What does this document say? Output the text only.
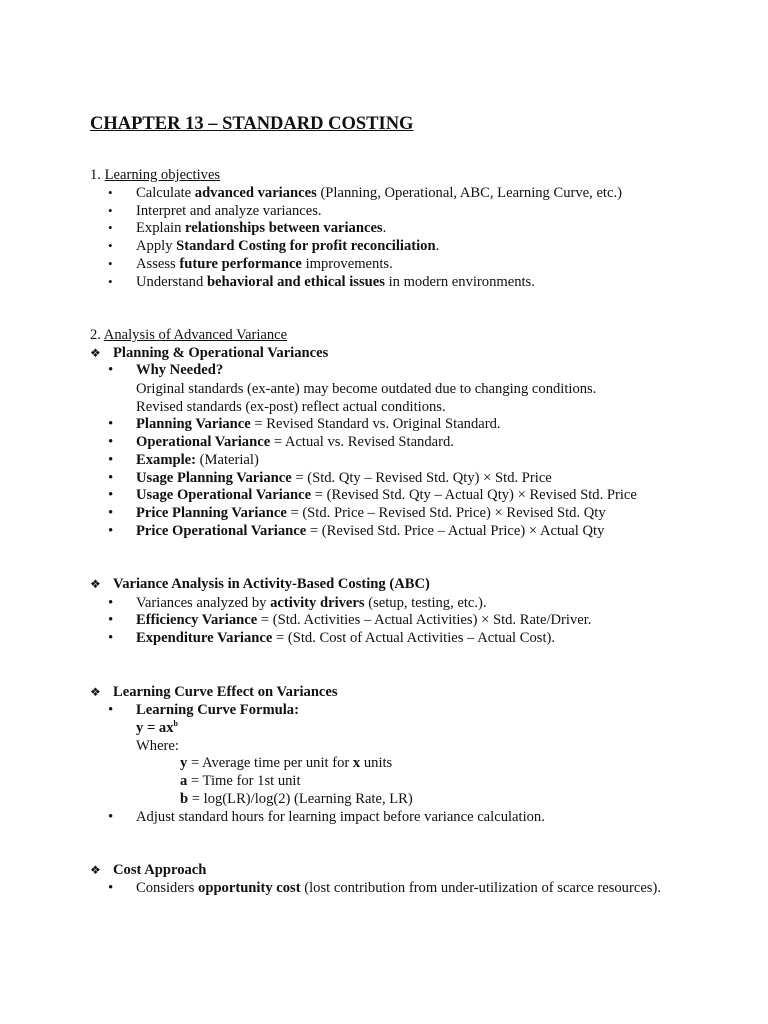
CHAPTER 13 – STANDARD COSTING
1. Learning objectives
• Calculate advanced variances (Planning, Operational, ABC, Learning Curve, etc.)
• Interpret and analyze variances.
• Explain relationships between variances.
• Apply Standard Costing for profit reconciliation.
• Assess future performance improvements.
• Understand behavioral and ethical issues in modern environments.
2. Analysis of Advanced Variance
❖ Planning & Operational Variances
• Why Needed?
Original standards (ex-ante) may become outdated due to changing conditions.
Revised standards (ex-post) reflect actual conditions.
• Planning Variance = Revised Standard vs. Original Standard.
• Operational Variance = Actual vs. Revised Standard.
• Example: (Material)
• Usage Planning Variance = (Std. Qty – Revised Std. Qty) × Std. Price
• Usage Operational Variance = (Revised Std. Qty – Actual Qty) × Revised Std. Price
• Price Planning Variance = (Std. Price – Revised Std. Price) × Revised Std. Qty
• Price Operational Variance = (Revised Std. Price – Actual Price) × Actual Qty
❖ Variance Analysis in Activity-Based Costing (ABC)
• Variances analyzed by activity drivers (setup, testing, etc.).
• Efficiency Variance = (Std. Activities – Actual Activities) × Std. Rate/Driver.
• Expenditure Variance = (Std. Cost of Actual Activities – Actual Cost).
❖ Learning Curve Effect on Variances
• Learning Curve Formula:
$y = ax^b$
Where:
y = Average time per unit for x units
a = Time for 1st unit
b = log(LR)/log(2) (Learning Rate, LR)
• Adjust standard hours for learning impact before variance calculation.
❖ Cost Approach
• Considers opportunity cost (lost contribution from under-utilization of scarce resources).
